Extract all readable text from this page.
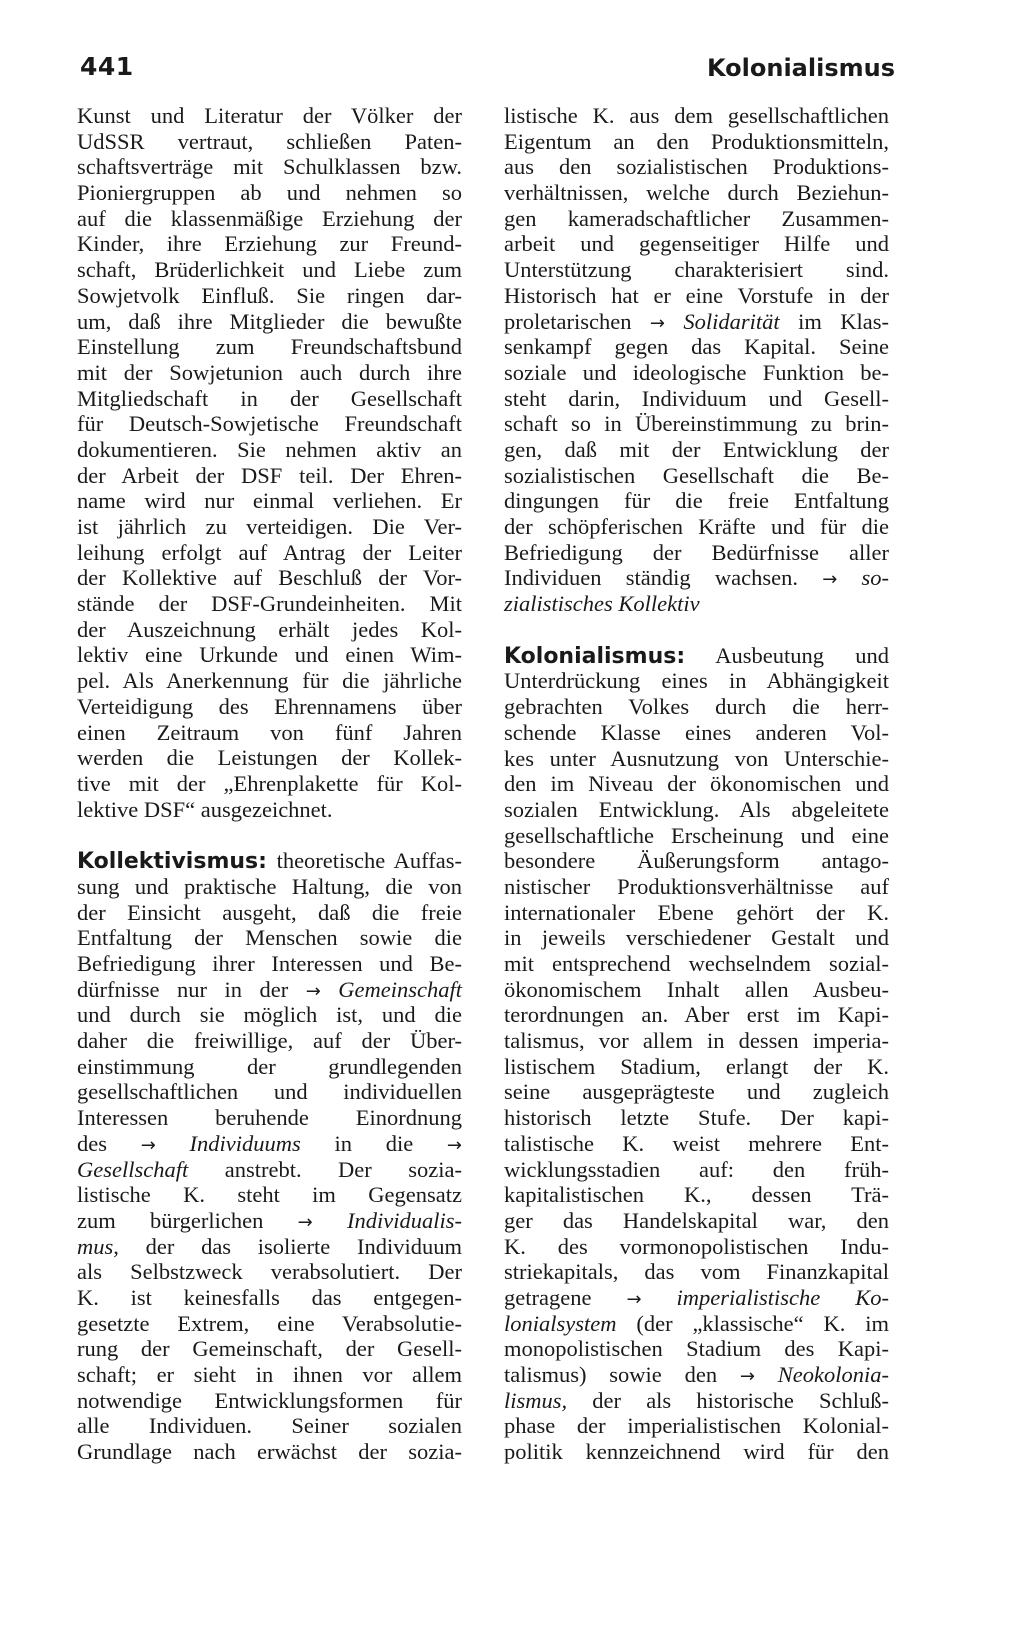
441	Kolonialismus
Kunst und Literatur der Völker der
UdSSR vertraut, schließen Paten-
schaftsverträge mit Schulklassen bzw.
Pioniergruppen ab und nehmen so
auf die klassenmäßige Erziehung der
Kinder, ihre Erziehung zur Freund-
schaft, Brüderlichkeit und Liebe zum
Sowjetvolk Einfluß. Sie ringen dar-
um, daß ihre Mitglieder die bewußte
Einstellung zum Freundschaftsbund
mit der Sowjetunion auch durch ihre
Mitgliedschaft in der Gesellschaft
für Deutsch-Sowjetische Freundschaft
dokumentieren. Sie nehmen aktiv an
der Arbeit der DSF teil. Der Ehren-
name wird nur einmal verliehen. Er
ist jährlich zu verteidigen. Die Ver-
leihung erfolgt auf Antrag der Leiter
der Kollektive auf Beschluß der Vor-
stände der DSF-Grundeinheiten. Mit
der Auszeichnung erhält jedes Kol-
lektiv eine Urkunde und einen Wim-
pel. Als Anerkennung für die jährliche
Verteidigung des Ehrennamens über
einen Zeitraum von fünf Jahren
werden die Leistungen der Kollek-
tive mit der „Ehrenplakette für Kol-
lektive DSF“ ausgezeichnet.
Kollektivismus: theoretische Auffas-
sung und praktische Haltung, die von
der Einsicht ausgeht, daß die freie
Entfaltung der Menschen sowie die
Befriedigung ihrer Interessen und Be-
dürfnisse nur in der → Gemeinschaft
und durch sie möglich ist, und die
daher die freiwillige, auf der Über-
einstimmung der grundlegenden
gesellschaftlichen und individuellen
Interessen beruhende Einordnung
des → Individuums in die →
Gesellschaft anstrebt. Der sozia-
listische K. steht im Gegensatz
zum bürgerlichen → Individualis-
mus, der das isolierte Individuum
als Selbstzweck verabsolutiert. Der
K. ist keinesfalls das entgegen-
gesetzte Extrem, eine Verabsolutie-
rung der Gemeinschaft, der Gesell-
schaft; er sieht in ihnen vor allem
notwendige Entwicklungsformen für
alle Individuen. Seiner sozialen
Grundlage nach erwächst der sozia-
listische K. aus dem gesellschaftlichen
Eigentum an den Produktionsmitteln,
aus den sozialistischen Produktions-
verhältnissen, welche durch Beziehun-
gen kameradschaftlicher Zusammen-
arbeit und gegenseitiger Hilfe und
Unterstützung charakterisiert sind.
Historisch hat er eine Vorstufe in der
proletarischen → Solidarität im Klas-
senkampf gegen das Kapital. Seine
soziale und ideologische Funktion be-
steht darin, Individuum und Gesell-
schaft so in Übereinstimmung zu brin-
gen, daß mit der Entwicklung der
sozialistischen Gesellschaft die Be-
dingungen für die freie Entfaltung
der schöpferischen Kräfte und für die
Befriedigung der Bedürfnisse aller
Individuen ständig wachsen. → so-
zialistisches Kollektiv
Kolonialismus: Ausbeutung und
Unterdrückung eines in Abhängigkeit
gebrachten Volkes durch die herr-
schende Klasse eines anderen Vol-
kes unter Ausnutzung von Unterschie-
den im Niveau der ökonomischen und
sozialen Entwicklung. Als abgeleitete
gesellschaftliche Erscheinung und eine
besondere Äußerungsform antago-
nistischer Produktionsverhältnisse auf
internationaler Ebene gehört der K.
in jeweils verschiedener Gestalt und
mit entsprechend wechselndem sozial-
ökonomischem Inhalt allen Ausbeu-
terordnungen an. Aber erst im Kapi-
talismus, vor allem in dessen imperia-
listischem Stadium, erlangt der K.
seine ausgeprägteste und zugleich
historisch letzte Stufe. Der kapi-
talistische K. weist mehrere Ent-
wicklungsstadien auf: den früh-
kapitalistischen K., dessen Trä-
ger das Handelskapital war, den
K. des vormonopolistischen Indu-
striekapitals, das vom Finanzkapital
getragene → imperialistische Ko-
lonialsystem (der „klassische“ K. im
monopolistischen Stadium des Kapi-
talismus) sowie den → Neokolonia-
lismus, der als historische Schluß-
phase der imperialistischen Kolonial-
politik kennzeichnend wird für den
